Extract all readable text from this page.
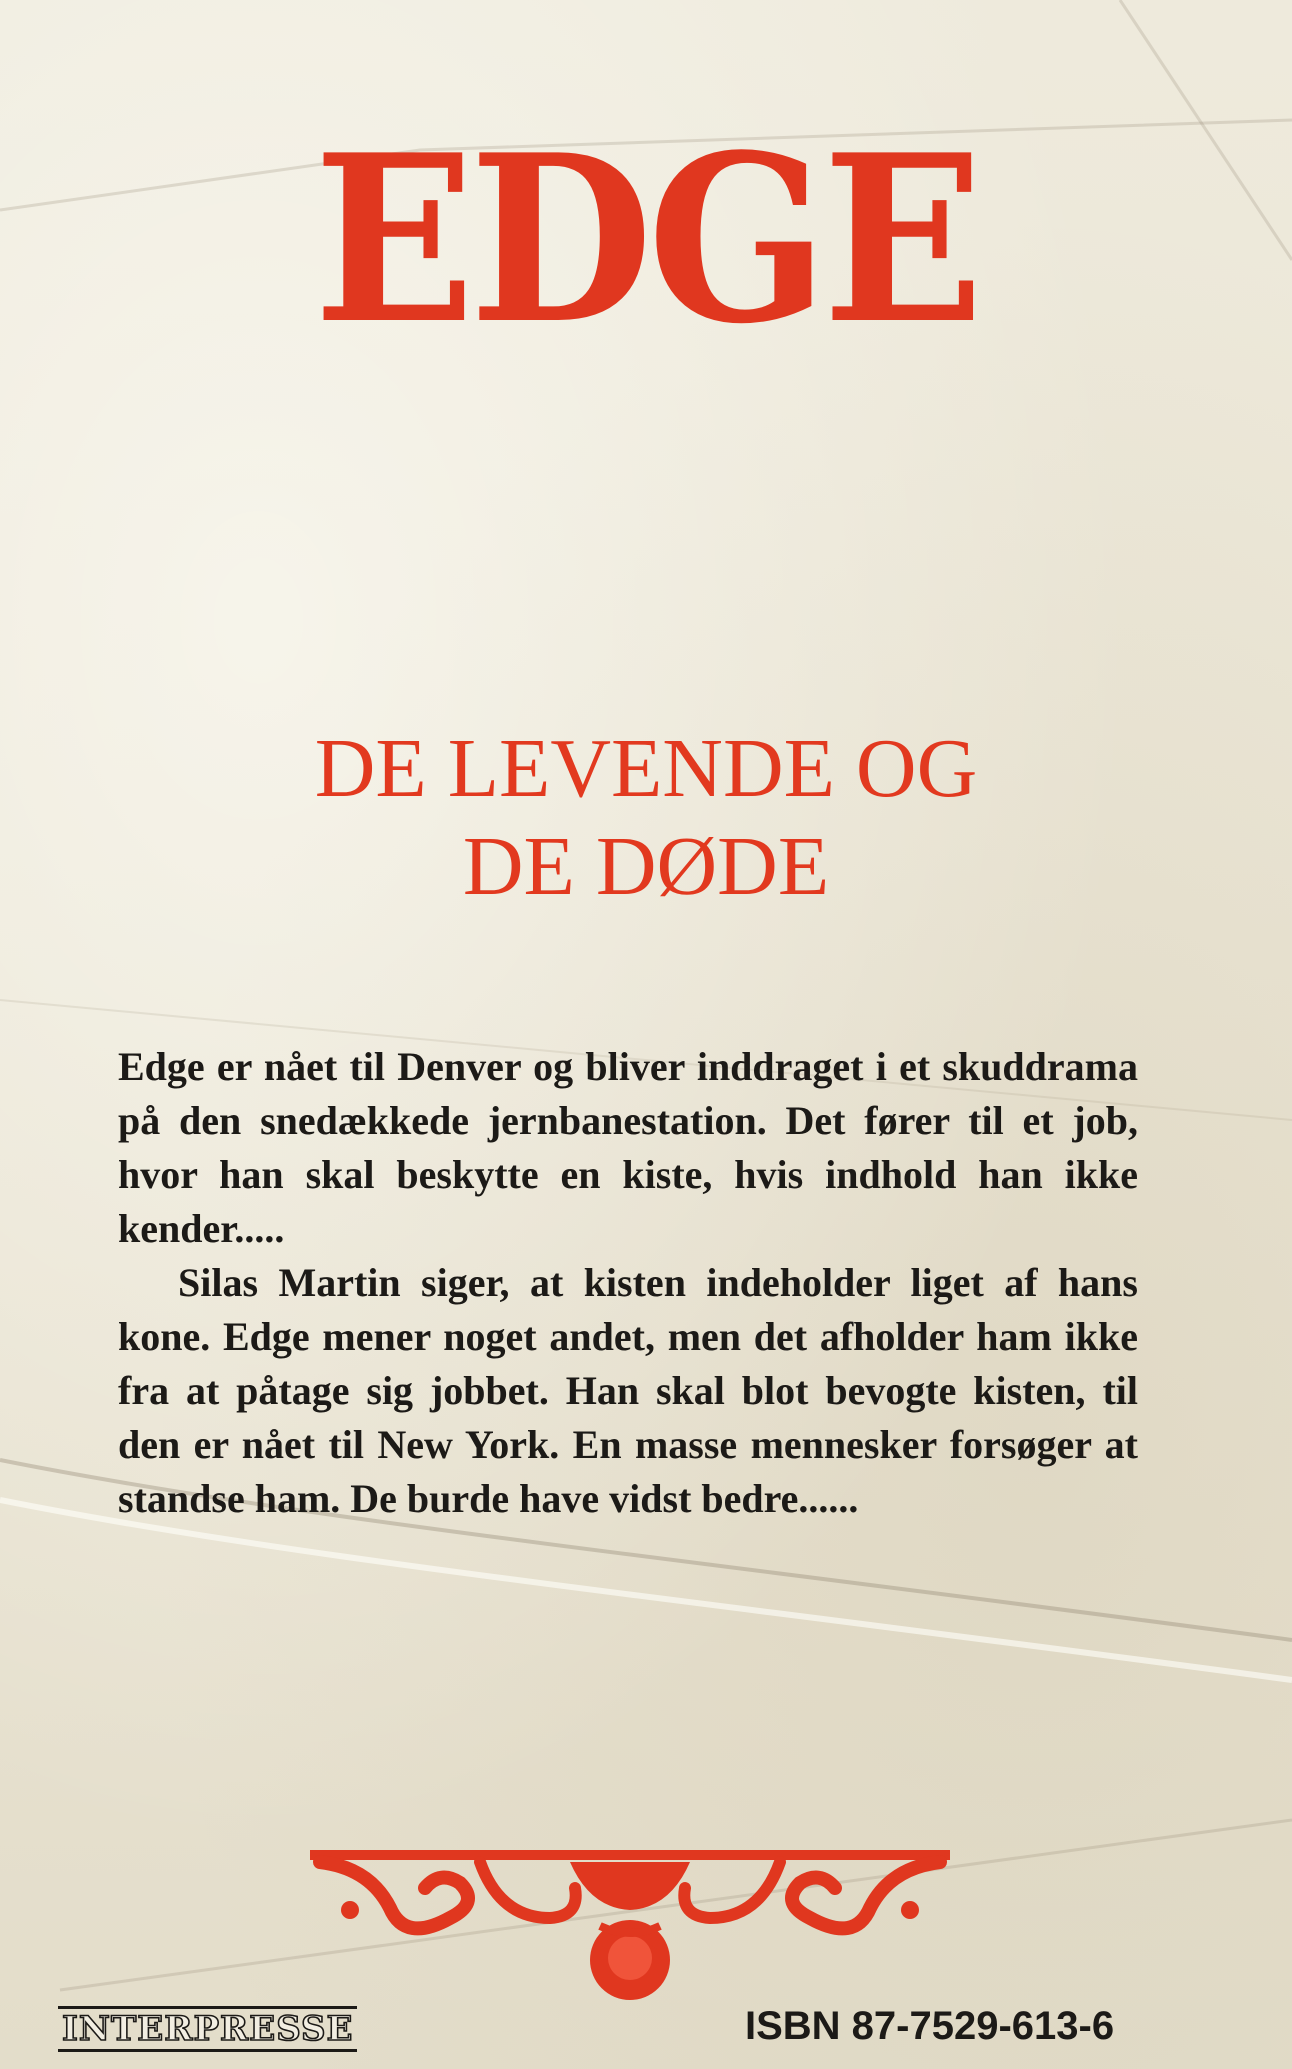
EDGE
DE LEVENDE OG
DE DØDE

Edge er nået til Denver og bliver inddraget i et skuddrama på den snedækkede jernbanestation. Det fører til et job, hvor han skal beskytte en kiste, hvis indhold han ikke kender.....

Silas Martin siger, at kisten indeholder liget af hans kone. Edge mener noget andet, men det afholder ham ikke fra at påtage sig jobbet. Han skal blot bevogte kisten, til den er nået til New York. En masse mennesker forsøger at standse ham. De burde have vidst bedre......

INTERPRESSE	ISBN 87-7529-613-6
